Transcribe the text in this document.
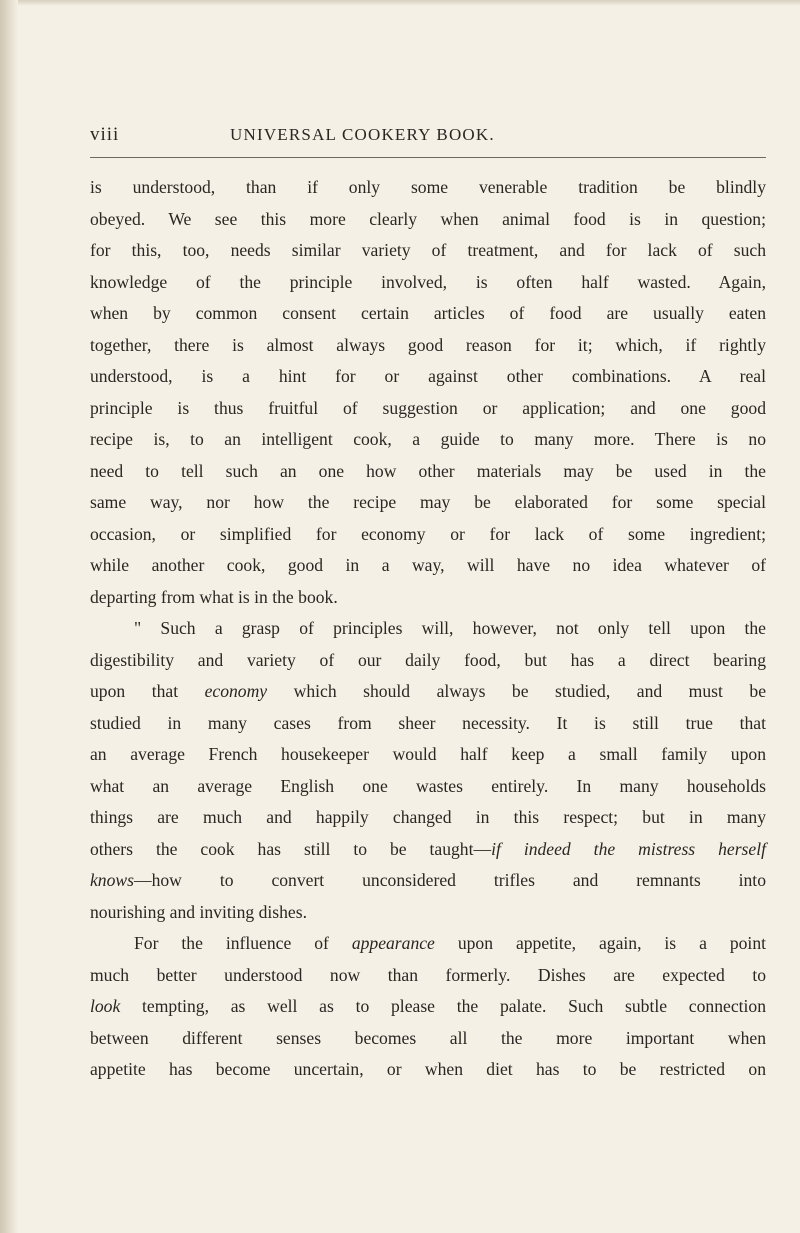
viii	UNIVERSAL COOKERY BOOK.
is understood, than if only some venerable tradition be blindly
obeyed. We see this more clearly when animal food is in question;
for this, too, needs similar variety of treatment, and for lack of such
knowledge of the principle involved, is often half wasted. Again,
when by common consent certain articles of food are usually eaten
together, there is almost always good reason for it; which, if rightly
understood, is a hint for or against other combinations. A real
principle is thus fruitful of suggestion or application; and one good
recipe is, to an intelligent cook, a guide to many more. There is no
need to tell such an one how other materials may be used in the
same way, nor how the recipe may be elaborated for some special
occasion, or simplified for economy or for lack of some ingredient;
while another cook, good in a way, will have no idea whatever of
departing from what is in the book.
" Such a grasp of principles will, however, not only tell upon the
digestibility and variety of our daily food, but has a direct bearing
upon that economy which should always be studied, and must be
studied in many cases from sheer necessity. It is still true that
an average French housekeeper would half keep a small family upon
what an average English one wastes entirely. In many households
things are much and happily changed in this respect; but in many
others the cook has still to be taught—if indeed the mistress herself
knows—how to convert unconsidered trifles and remnants into
nourishing and inviting dishes.
For the influence of appearance upon appetite, again, is a point
much better understood now than formerly. Dishes are expected to
look tempting, as well as to please the palate. Such subtle connection
between different senses becomes all the more important when
appetite has become uncertain, or when diet has to be restricted on
